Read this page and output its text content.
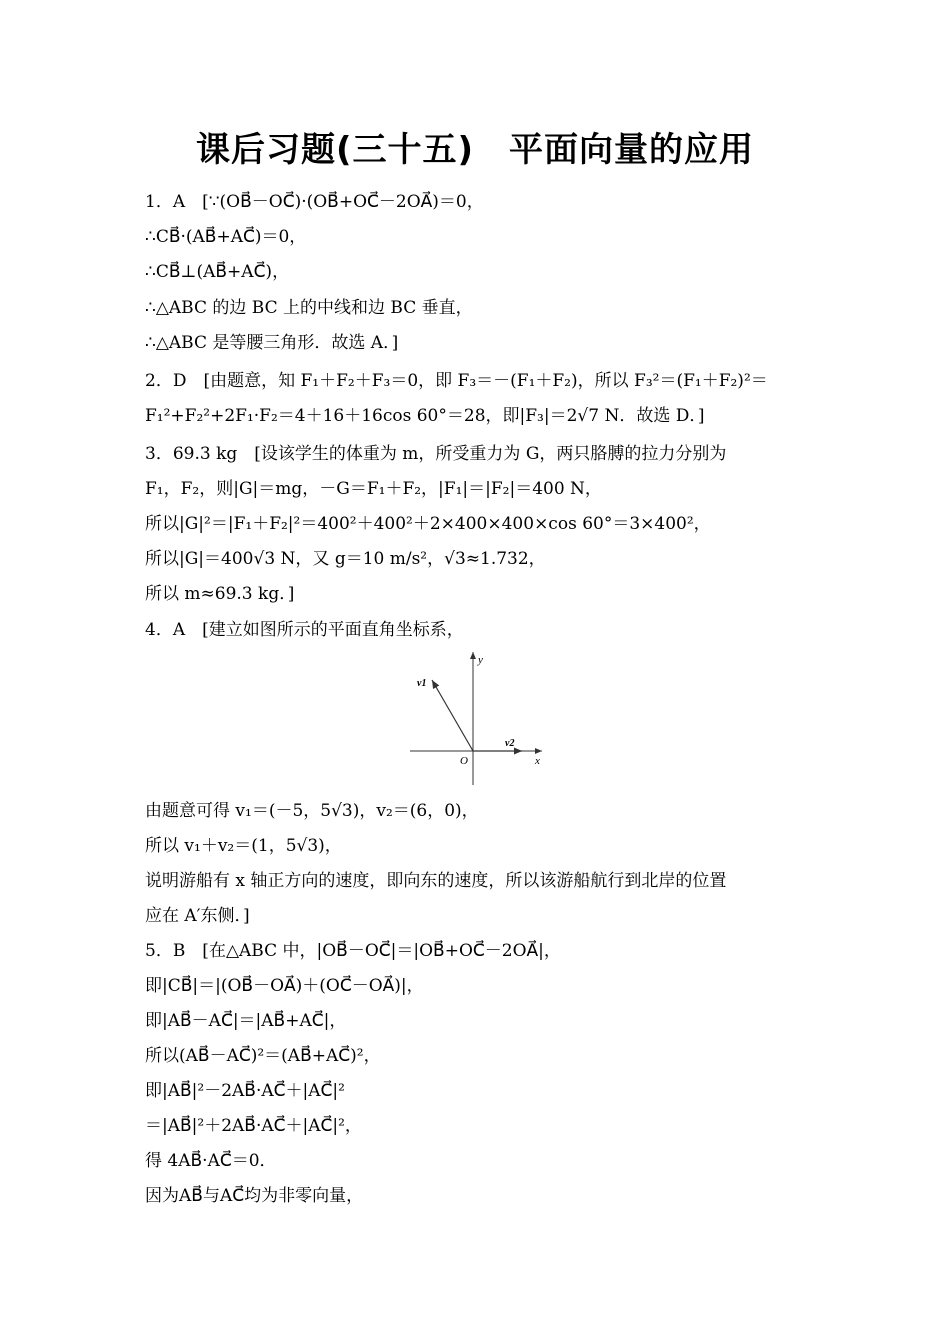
课后习题(三十五)　平面向量的应用
1．A　[∵(OB⃗－OC⃗)·(OB⃗+OC⃗－2OA⃗)＝0，
∴CB⃗·(AB⃗+AC⃗)＝0，
∴CB⃗⊥(AB⃗+AC⃗)，
∴△ABC 的边 BC 上的中线和边 BC 垂直，
∴△ABC 是等腰三角形．故选 A．]
2．D　[由题意，知 F₁＋F₂＋F₃＝0，即 F₃＝－(F₁＋F₂)，所以 F₃²＝(F₁＋F₂)²＝
F₁²+F₂²+2F₁·F₂＝4＋16＋16cos 60°＝28，即|F₃|＝2√7 N．故选 D．]
3．69.3 kg　[设该学生的体重为 m，所受重力为 G，两只胳膊的拉力分别为
F₁，F₂，则|G|＝mg，－G＝F₁＋F₂，|F₁|＝|F₂|＝400 N，
所以|G|²＝|F₁＋F₂|²＝400²＋400²＋2×400×400×cos 60°＝3×400²，
所以|G|＝400√3 N，又 g＝10 m/s²，√3≈1.732，
所以 m≈69.3 kg．]
4．A　[建立如图所示的平面直角坐标系，
y
x
O
v1
v2
由题意可得 v₁＝(－5，5√3)，v₂＝(6，0)，
所以 v₁＋v₂＝(1，5√3)，
说明游船有 x 轴正方向的速度，即向东的速度，所以该游船航行到北岸的位置
应在 A′东侧．]
5．B　[在△ABC 中，|OB⃗－OC⃗|＝|OB⃗+OC⃗－2OA⃗|，
即|CB⃗|＝|(OB⃗－OA⃗)＋(OC⃗－OA⃗)|，
即|AB⃗－AC⃗|＝|AB⃗+AC⃗|，
所以(AB⃗－AC⃗)²＝(AB⃗+AC⃗)²，
即|AB⃗|²－2AB⃗·AC⃗＋|AC⃗|²
＝|AB⃗|²＋2AB⃗·AC⃗＋|AC⃗|²，
得 4AB⃗·AC⃗＝0．
因为AB⃗与AC⃗均为非零向量，
